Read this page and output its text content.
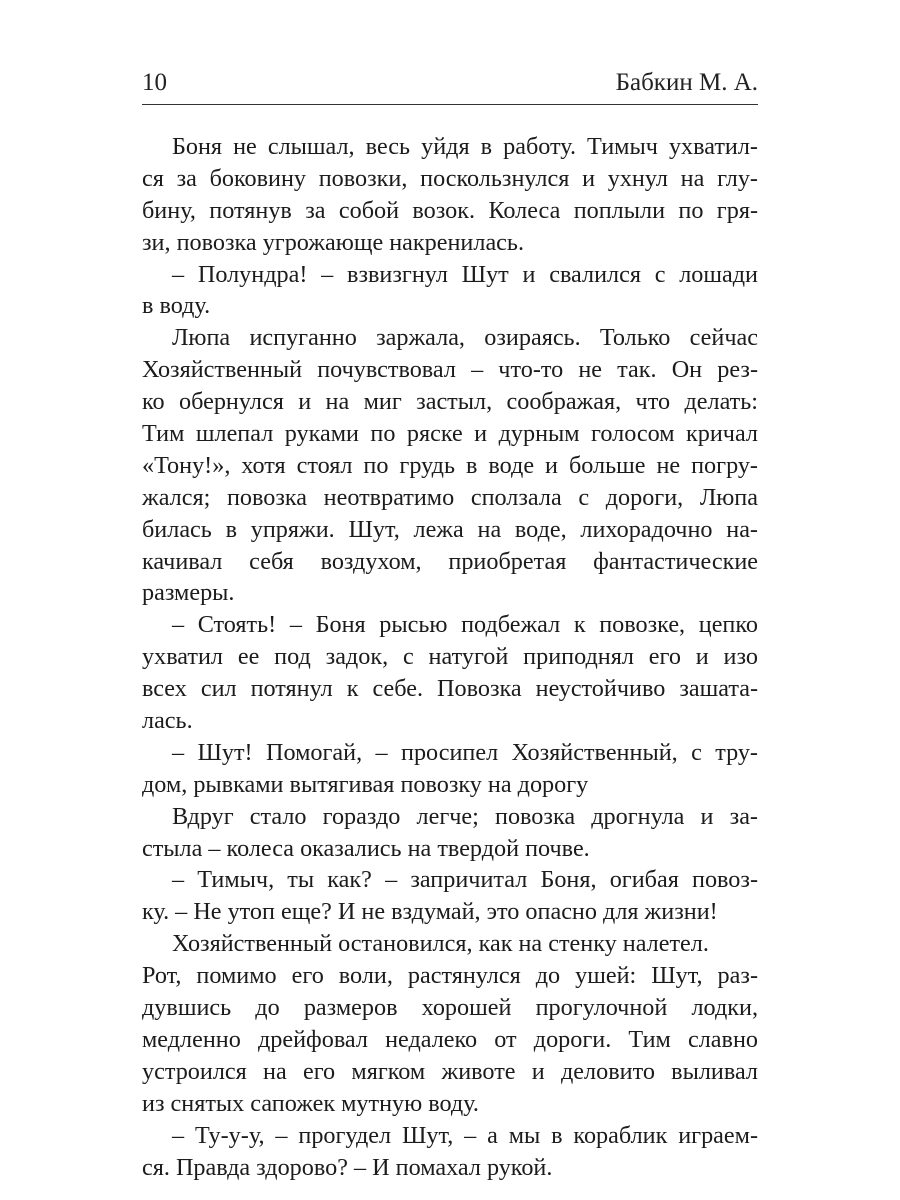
10	Бабкин М. А.
Боня не слышал, весь уйдя в работу. Тимыч ухватил-
ся за боковину повозки, поскользнулся и ухнул на глу-
бину, потянув за собой возок. Колеса поплыли по гря-
зи, повозка угрожающе накренилась.
– Полундра! – взвизгнул Шут и свалился с лошади
в воду.
Люпа испуганно заржала, озираясь. Только сейчас
Хозяйственный почувствовал – что-то не так. Он рез-
ко обернулся и на миг застыл, соображая, что делать:
Тим шлепал руками по ряске и дурным голосом кричал
«Тону!», хотя стоял по грудь в воде и больше не погру-
жался; повозка неотвратимо сползала с дороги, Люпа
билась в упряжи. Шут, лежа на воде, лихорадочно на-
качивал себя воздухом, приобретая фантастические
размеры.
– Стоять! – Боня рысью подбежал к повозке, цепко
ухватил ее под задок, с натугой приподнял его и изо
всех сил потянул к себе. Повозка неустойчиво зашата-
лась.
– Шут! Помогай, – просипел Хозяйственный, с тру-
дом, рывками вытягивая повозку на дорогу
Вдруг стало гораздо легче; повозка дрогнула и за-
стыла – колеса оказались на твердой почве.
– Тимыч, ты как? – запричитал Боня, огибая повоз-
ку. – Не утоп еще? И не вздумай, это опасно для жизни!
Хозяйственный остановился, как на стенку налетел.
Рот, помимо его воли, растянулся до ушей: Шут, раз-
дувшись до размеров хорошей прогулочной лодки,
медленно дрейфовал недалеко от дороги. Тим славно
устроился на его мягком животе и деловито выливал
из снятых сапожек мутную воду.
– Ту-у-у, – прогудел Шут, – а мы в кораблик играем-
ся. Правда здорово? – И помахал рукой.
